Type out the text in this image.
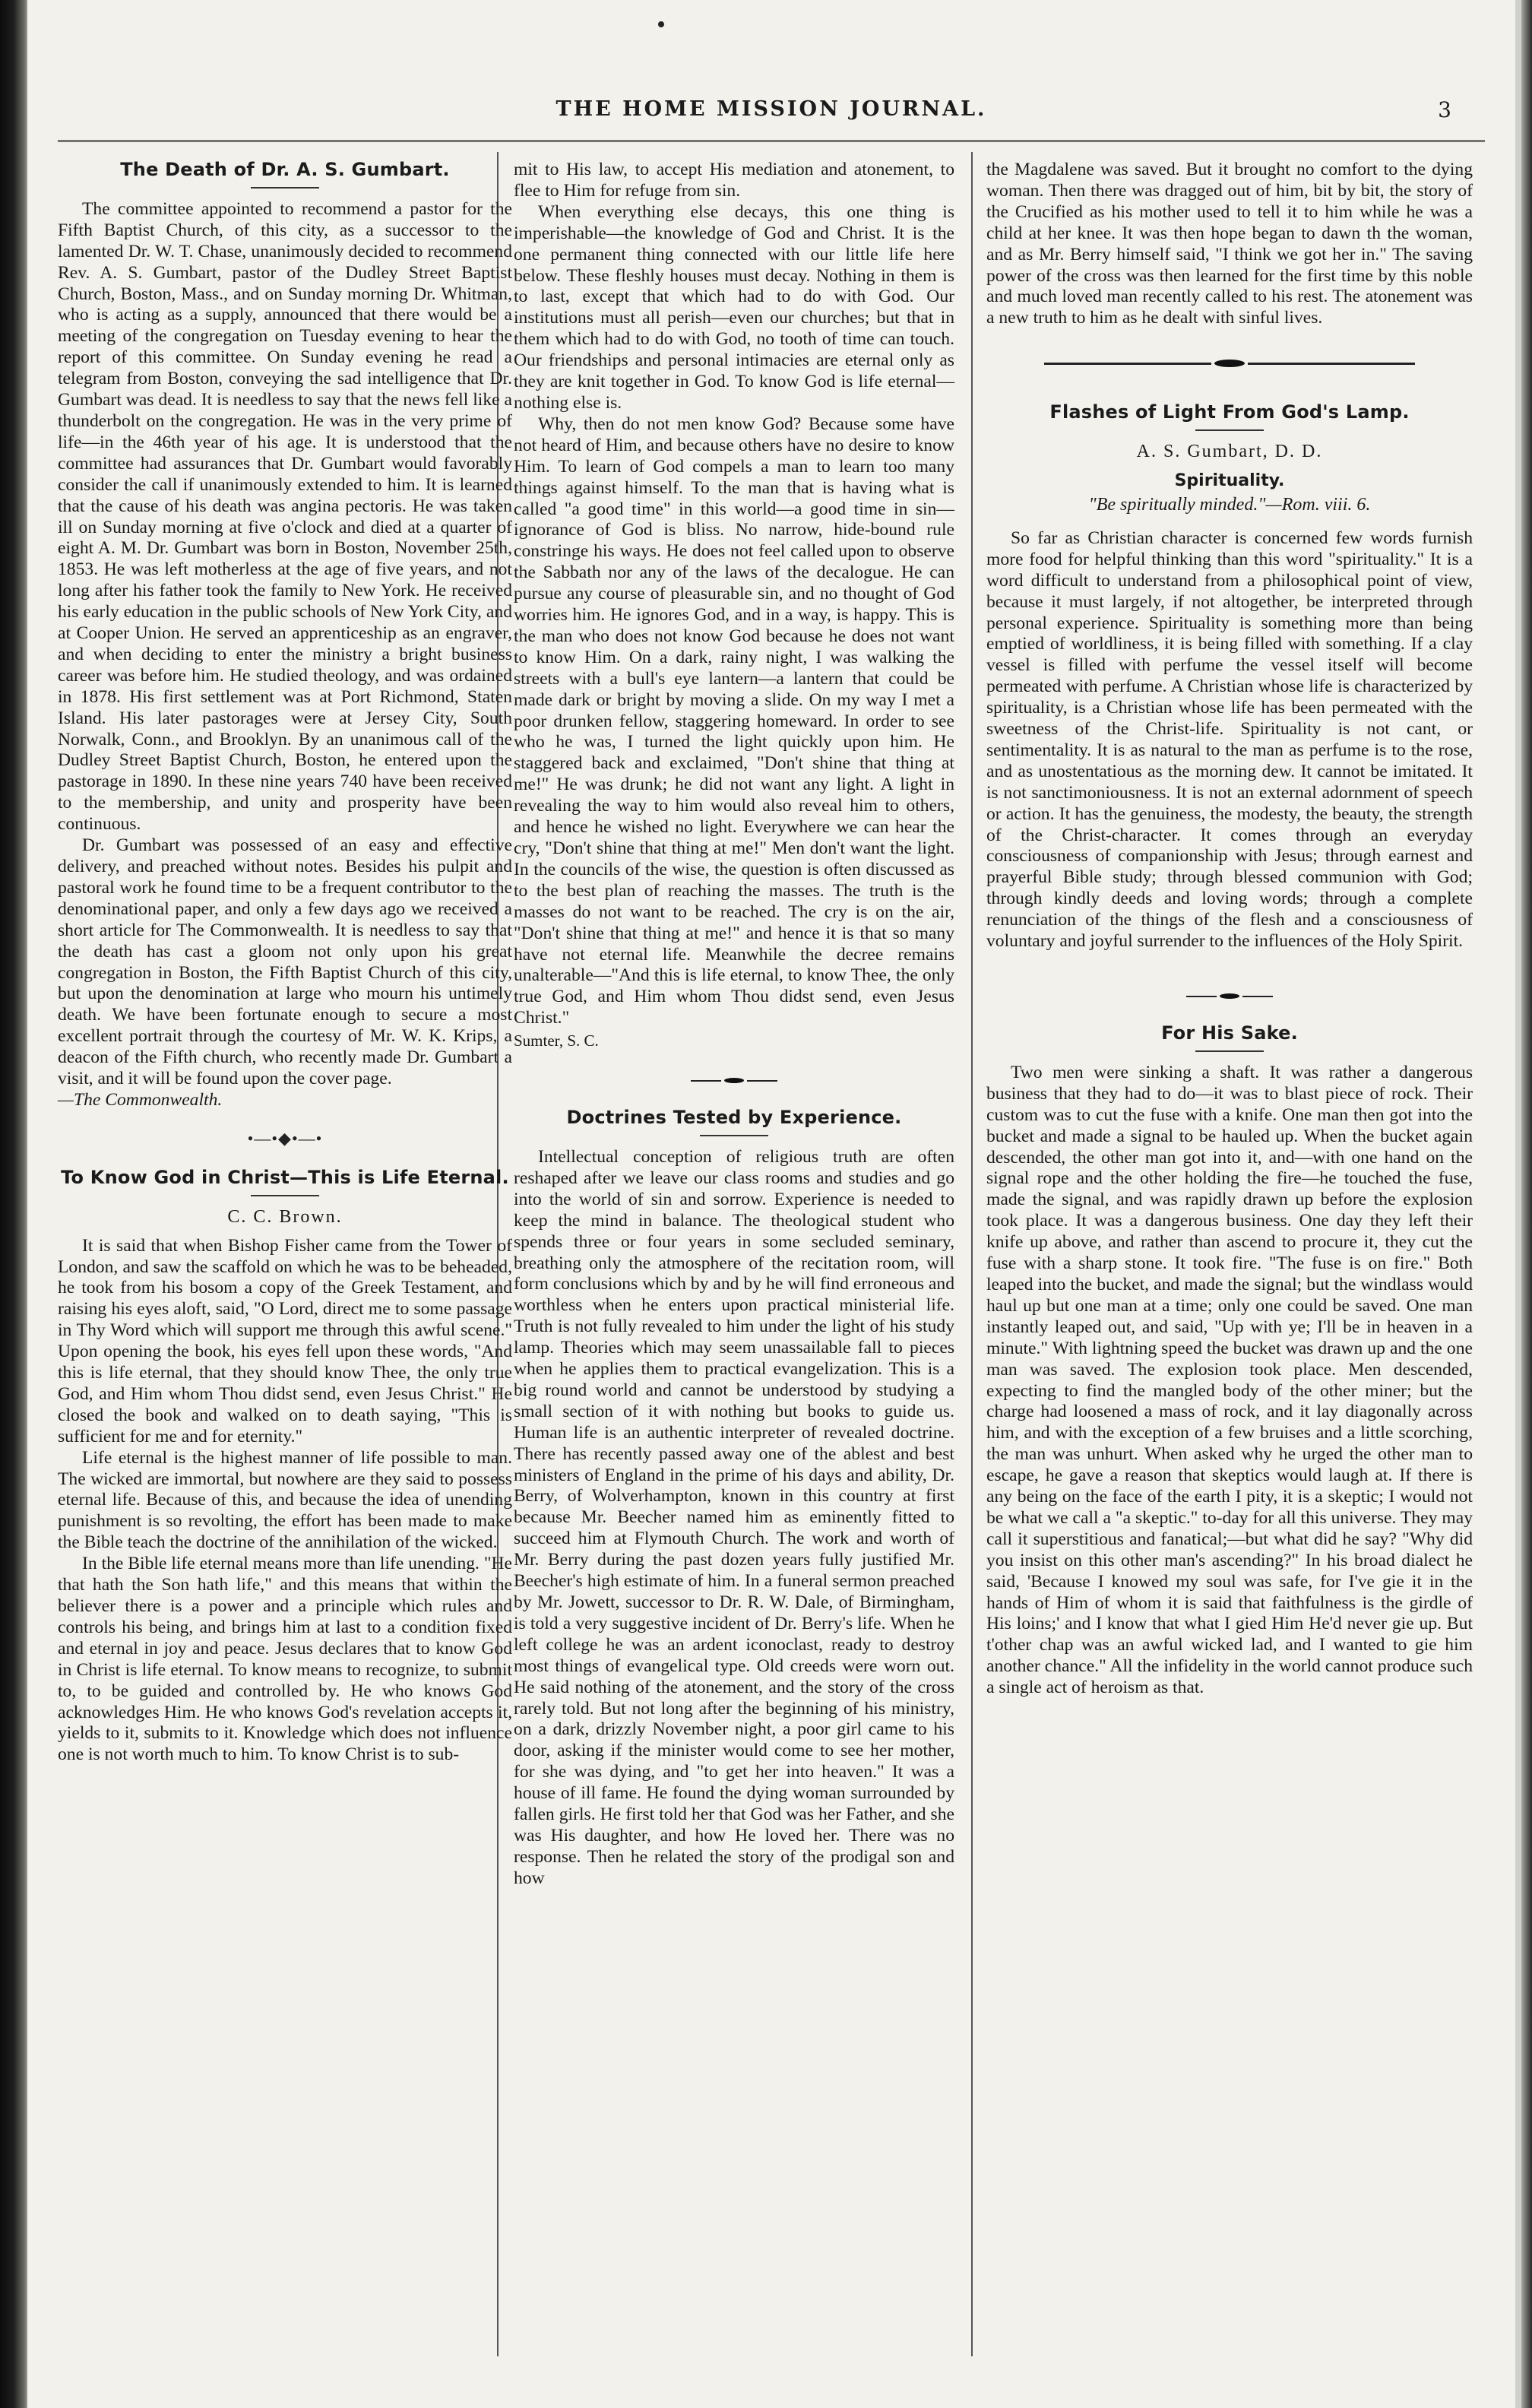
THE HOME MISSION JOURNAL.	3
The Death of Dr. A. S. Gumbart.

The committee appointed to recommend a pastor for the Fifth Baptist Church, of this city, as a successor to the lamented Dr. W. T. Chase, unanimously decided to recommend Rev. A. S. Gumbart, pastor of the Dudley Street Baptist Church, Boston, Mass., and on Sunday morning Dr. Whitman, who is acting as a supply, announced that there would be a meeting of the congregation on Tuesday evening to hear the report of this committee. On Sunday evening he read a telegram from Boston, conveying the sad intelligence that Dr. Gumbart was dead. It is needless to say that the news fell like a thunderbolt on the congregation. He was in the very prime of life—in the 46th year of his age. It is understood that the committee had assurances that Dr. Gumbart would favorably consider the call if unanimously extended to him. It is learned that the cause of his death was angina pectoris. He was taken ill on Sunday morning at five o'clock and died at a quarter of eight A. M. Dr. Gumbart was born in Boston, November 25th, 1853. He was left motherless at the age of five years, and not long after his father took the family to New York. He received his early education in the public schools of New York City, and at Cooper Union. He served an apprenticeship as an engraver, and when deciding to enter the ministry a bright business career was before him. He studied theology, and was ordained in 1878. His first settlement was at Port Richmond, Staten Island. His later pastorages were at Jersey City, South Norwalk, Conn., and Brooklyn. By an unanimous call of the Dudley Street Baptist Church, Boston, he entered upon the pastorage in 1890. In these nine years 740 have been received to the membership, and unity and prosperity have been continuous.

Dr. Gumbart was possessed of an easy and effective delivery, and preached without notes. Besides his pulpit and pastoral work he found time to be a frequent contributor to the denominational paper, and only a few days ago we received a short article for The Commonwealth. It is needless to say that the death has cast a gloom not only upon his great congregation in Boston, the Fifth Baptist Church of this city, but upon the denomination at large who mourn his untimely death. We have been fortunate enough to secure a most excellent portrait through the courtesy of Mr. W. K. Krips, a deacon of the Fifth church, who recently made Dr. Gumbart a visit, and it will be found upon the cover page.

—The Commonwealth.

•—•◆•—•
To Know God in Christ—This is Life Eternal.
C. C. Brown.

It is said that when Bishop Fisher came from the Tower of London, and saw the scaffold on which he was to be beheaded, he took from his bosom a copy of the Greek Testament, and raising his eyes aloft, said, "O Lord, direct me to some passage in Thy Word which will support me through this awful scene." Upon opening the book, his eyes fell upon these words, "And this is life eternal, that they should know Thee, the only true God, and Him whom Thou didst send, even Jesus Christ." He closed the book and walked on to death saying, "This is sufficient for me and for eternity."

Life eternal is the highest manner of life possible to man. The wicked are immortal, but nowhere are they said to possess eternal life. Because of this, and because the idea of unending punishment is so revolting, the effort has been made to make the Bible teach the doctrine of the annihilation of the wicked.

In the Bible life eternal means more than life unending. "He that hath the Son hath life," and this means that within the believer there is a power and a principle which rules and controls his being, and brings him at last to a condition fixed and eternal in joy and peace. Jesus declares that to know God in Christ is life eternal. To know means to recognize, to submit to, to be guided and controlled by. He who knows God acknowledges Him. He who knows God's revelation accepts it, yields to it, submits to it. Knowledge which does not influence one is not worth much to him. To know Christ is to sub-

mit to His law, to accept His mediation and atonement, to flee to Him for refuge from sin.

When everything else decays, this one thing is imperishable—the knowledge of God and Christ. It is the one permanent thing connected with our little life here below. These fleshly houses must decay. Nothing in them is to last, except that which had to do with God. Our institutions must all perish—even our churches; but that in them which had to do with God, no tooth of time can touch. Our friendships and personal intimacies are eternal only as they are knit together in God. To know God is life eternal—nothing else is.

Why, then do not men know God? Because some have not heard of Him, and because others have no desire to know Him. To learn of God compels a man to learn too many things against himself. To the man that is having what is called "a good time" in this world—a good time in sin—ignorance of God is bliss. No narrow, hide-bound rule constringe his ways. He does not feel called upon to observe the Sabbath nor any of the laws of the decalogue. He can pursue any course of pleasurable sin, and no thought of God worries him. He ignores God, and in a way, is happy. This is the man who does not know God because he does not want to know Him. On a dark, rainy night, I was walking the streets with a bull's eye lantern—a lantern that could be made dark or bright by moving a slide. On my way I met a poor drunken fellow, staggering homeward. In order to see who he was, I turned the light quickly upon him. He staggered back and exclaimed, "Don't shine that thing at me!" He was drunk; he did not want any light. A light in revealing the way to him would also reveal him to others, and hence he wished no light. Everywhere we can hear the cry, "Don't shine that thing at me!" Men don't want the light. In the councils of the wise, the question is often discussed as to the best plan of reaching the masses. The truth is the masses do not want to be reached. The cry is on the air, "Don't shine that thing at me!" and hence it is that so many have not eternal life. Meanwhile the decree remains unalterable—"And this is life eternal, to know Thee, the only true God, and Him whom Thou didst send, even Jesus Christ."

Sumter, S. C.

Doctrines Tested by Experience.

Intellectual conception of religious truth are often reshaped after we leave our class rooms and studies and go into the world of sin and sorrow. Experience is needed to keep the mind in balance. The theological student who spends three or four years in some secluded seminary, breathing only the atmosphere of the recitation room, will form conclusions which by and by he will find erroneous and worthless when he enters upon practical ministerial life. Truth is not fully revealed to him under the light of his study lamp. Theories which may seem unassailable fall to pieces when he applies them to practical evangelization. This is a big round world and cannot be understood by studying a small section of it with nothing but books to guide us. Human life is an authentic interpreter of revealed doctrine. There has recently passed away one of the ablest and best ministers of England in the prime of his days and ability, Dr. Berry, of Wolverhampton, known in this country at first because Mr. Beecher named him as eminently fitted to succeed him at Flymouth Church. The work and worth of Mr. Berry during the past dozen years fully justified Mr. Beecher's high estimate of him. In a funeral sermon preached by Mr. Jowett, successor to Dr. R. W. Dale, of Birmingham, is told a very suggestive incident of Dr. Berry's life. When he left college he was an ardent iconoclast, ready to destroy most things of evangelical type. Old creeds were worn out. He said nothing of the atonement, and the story of the cross rarely told. But not long after the beginning of his ministry, on a dark, drizzly November night, a poor girl came to his door, asking if the minister would come to see her mother, for she was dying, and "to get her into heaven." It was a house of ill fame. He found the dying woman surrounded by fallen girls. He first told her that God was her Father, and she was His daughter, and how He loved her. There was no response. Then he related the story of the prodigal son and how

the Magdalene was saved. But it brought no comfort to the dying woman. Then there was dragged out of him, bit by bit, the story of the Crucified as his mother used to tell it to him while he was a child at her knee. It was then hope began to dawn th the woman, and as Mr. Berry himself said, "I think we got her in." The saving power of the cross was then learned for the first time by this noble and much loved man recently called to his rest. The atonement was a new truth to him as he dealt with sinful lives.

Flashes of Light From God's Lamp.
A. S. Gumbart, D. D.
Spirituality.
"Be spiritually minded."—Rom. viii. 6.

So far as Christian character is concerned few words furnish more food for helpful thinking than this word "spirituality." It is a word difficult to understand from a philosophical point of view, because it must largely, if not altogether, be interpreted through personal experience. Spirituality is something more than being emptied of worldliness, it is being filled with something. If a clay vessel is filled with perfume the vessel itself will become permeated with perfume. A Christian whose life is characterized by spirituality, is a Christian whose life has been permeated with the sweetness of the Christ-life. Spirituality is not cant, or sentimentality. It is as natural to the man as perfume is to the rose, and as unostentatious as the morning dew. It cannot be imitated. It is not sanctimoniousness. It is not an external adornment of speech or action. It has the genuiness, the modesty, the beauty, the strength of the Christ-character. It comes through an everyday consciousness of companionship with Jesus; through earnest and prayerful Bible study; through blessed communion with God; through kindly deeds and loving words; through a complete renunciation of the things of the flesh and a consciousness of voluntary and joyful surrender to the influences of the Holy Spirit.

For His Sake.

Two men were sinking a shaft. It was rather a dangerous business that they had to do—it was to blast piece of rock. Their custom was to cut the fuse with a knife. One man then got into the bucket and made a signal to be hauled up. When the bucket again descended, the other man got into it, and—with one hand on the signal rope and the other holding the fire—he touched the fuse, made the signal, and was rapidly drawn up before the explosion took place. It was a dangerous business. One day they left their knife up above, and rather than ascend to procure it, they cut the fuse with a sharp stone. It took fire. "The fuse is on fire." Both leaped into the bucket, and made the signal; but the windlass would haul up but one man at a time; only one could be saved. One man instantly leaped out, and said, "Up with ye; I'll be in heaven in a minute." With lightning speed the bucket was drawn up and the one man was saved. The explosion took place. Men descended, expecting to find the mangled body of the other miner; but the charge had loosened a mass of rock, and it lay diagonally across him, and with the exception of a few bruises and a little scorching, the man was unhurt. When asked why he urged the other man to escape, he gave a reason that skeptics would laugh at. If there is any being on the face of the earth I pity, it is a skeptic; I would not be what we call a "a skeptic." to-day for all this universe. They may call it superstitious and fanatical;—but what did he say? "Why did you insist on this other man's ascending?" In his broad dialect he said, 'Because I knowed my soul was safe, for I've gie it in the hands of Him of whom it is said that faithfulness is the girdle of His loins;' and I know that what I gied Him He'd never gie up. But t'other chap was an awful wicked lad, and I wanted to gie him another chance." All the infidelity in the world cannot produce such a single act of heroism as that.
